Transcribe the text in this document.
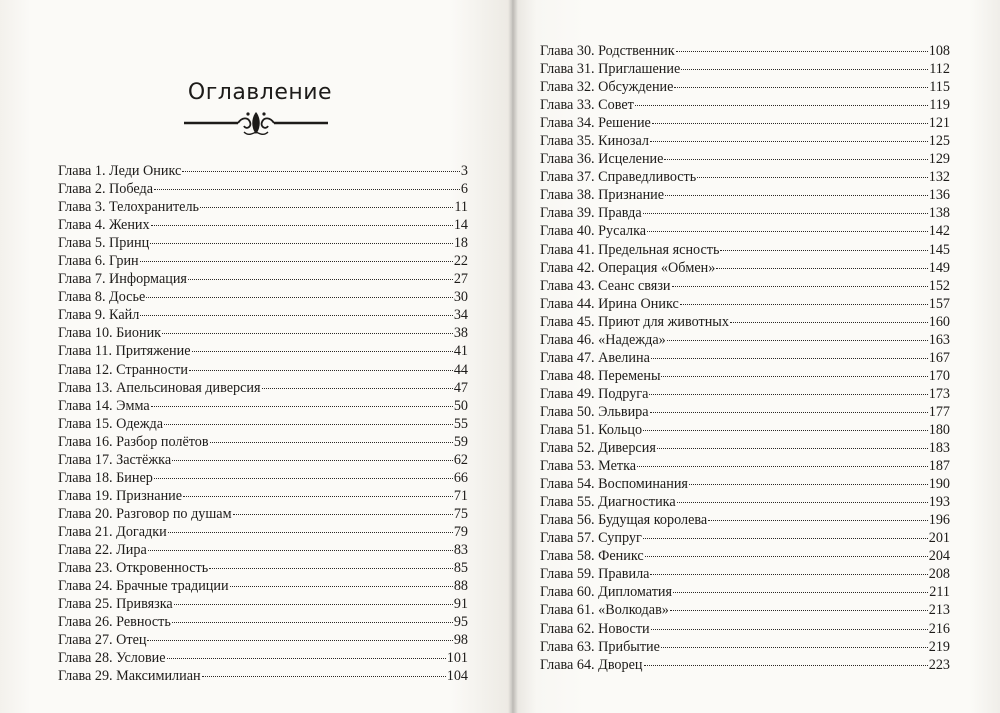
Оглавление
Глава 1. Леди Оникс	3
Глава 2. Победа	6
Глава 3. Телохранитель	11
Глава 4. Жених	14
Глава 5. Принц	18
Глава 6. Грин	22
Глава 7. Информация	27
Глава 8. Досье	30
Глава 9. Кайл	34
Глава 10. Бионик	38
Глава 11. Притяжение	41
Глава 12. Странности	44
Глава 13. Апельсиновая диверсия	47
Глава 14. Эмма	50
Глава 15. Одежда	55
Глава 16. Разбор полётов	59
Глава 17. Застёжка	62
Глава 18. Бинер	66
Глава 19. Признание	71
Глава 20. Разговор по душам	75
Глава 21. Догадки	79
Глава 22. Лира	83
Глава 23. Откровенность	85
Глава 24. Брачные традиции	88
Глава 25. Привязка	91
Глава 26. Ревность	95
Глава 27. Отец	98
Глава 28. Условие	101
Глава 29. Максимилиан	104
Глава 30. Родственник	108
Глава 31. Приглашение	112
Глава 32. Обсуждение	115
Глава 33. Совет	119
Глава 34. Решение	121
Глава 35. Кинозал	125
Глава 36. Исцеление	129
Глава 37. Справедливость	132
Глава 38. Признание	136
Глава 39. Правда	138
Глава 40. Русалка	142
Глава 41. Предельная ясность	145
Глава 42. Операция «Обмен»	149
Глава 43. Сеанс связи	152
Глава 44. Ирина Оникс	157
Глава 45. Приют для животных	160
Глава 46. «Надежда»	163
Глава 47. Авелина	167
Глава 48. Перемены	170
Глава 49. Подруга	173
Глава 50. Эльвира	177
Глава 51. Кольцо	180
Глава 52. Диверсия	183
Глава 53. Метка	187
Глава 54. Воспоминания	190
Глава 55. Диагностика	193
Глава 56. Будущая королева	196
Глава 57. Супруг	201
Глава 58. Феникс	204
Глава 59. Правила	208
Глава 60. Дипломатия	211
Глава 61. «Волкодав»	213
Глава 62. Новости	216
Глава 63. Прибытие	219
Глава 64. Дворец	223
